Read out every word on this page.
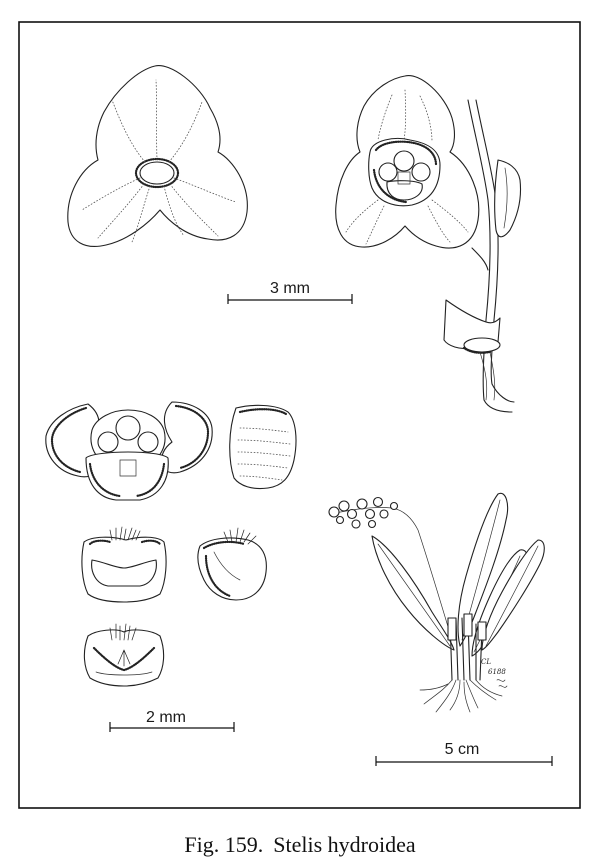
3 mm
2 mm
CL
6188
5 cm
Fig. 159. Stelis hydroidea
